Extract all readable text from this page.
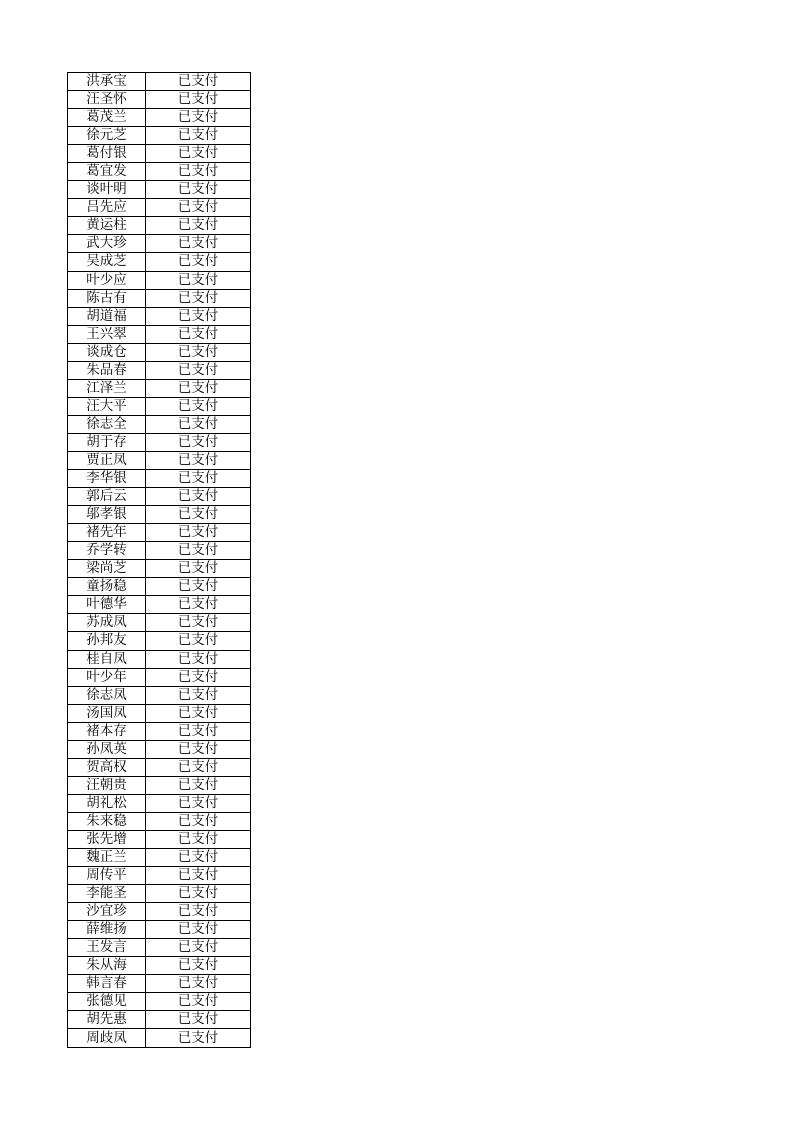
洪承宝	已支付
汪圣怀	已支付
葛茂兰	已支付
徐元芝	已支付
葛付银	已支付
葛宜发	已支付
谈叶明	已支付
吕先应	已支付
黄运柱	已支付
武大珍	已支付
吴成芝	已支付
叶少应	已支付
陈古有	已支付
胡道福	已支付
王兴翠	已支付
谈成仓	已支付
朱品春	已支付
江泽兰	已支付
汪大平	已支付
徐志全	已支付
胡于存	已支付
贾正凤	已支付
李华银	已支付
郭后云	已支付
邬孝银	已支付
褚先年	已支付
乔学转	已支付
梁尚芝	已支付
童扬稳	已支付
叶德华	已支付
苏成凤	已支付
孙邦友	已支付
桂自凤	已支付
叶少年	已支付
徐志凤	已支付
汤国凤	已支付
褚本存	已支付
孙凤英	已支付
贺高权	已支付
汪朝贵	已支付
胡礼松	已支付
朱来稳	已支付
张先增	已支付
魏正兰	已支付
周传平	已支付
李能圣	已支付
沙宜珍	已支付
薛维扬	已支付
王发言	已支付
朱从海	已支付
韩言春	已支付
张德见	已支付
胡先惠	已支付
周歧凤	已支付
